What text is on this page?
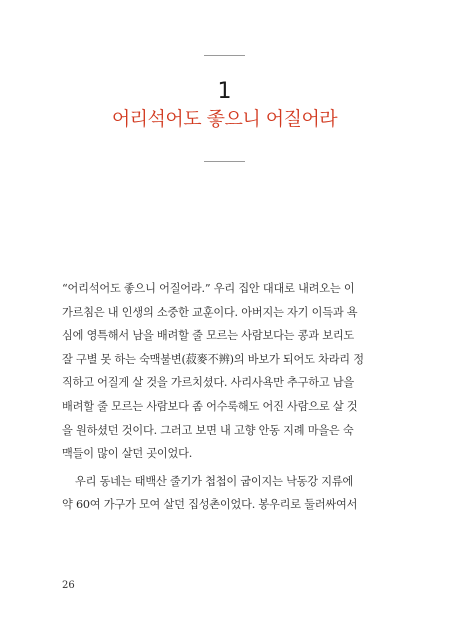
1
어리석어도 좋으니 어질어라
“어리석어도 좋으니 어질어라.” 우리 집안 대대로 내려오는 이
가르침은 내 인생의 소중한 교훈이다. 아버지는 자기 이득과 욕
심에 영특해서 남을 배려할 줄 모르는 사람보다는 콩과 보리도
잘 구별 못 하는 숙맥불변(菽麥不辨)의 바보가 되어도 차라리 정
직하고 어질게 살 것을 가르치셨다. 사리사욕만 추구하고 남을
배려할 줄 모르는 사람보다 좀 어수룩해도 어진 사람으로 살 것
을 원하셨던 것이다. 그러고 보면 내 고향 안동 지례 마을은 숙
맥들이 많이 살던 곳이었다.
우리 동네는 태백산 줄기가 첩첩이 굽이지는 낙동강 지류에
약 60여 가구가 모여 살던 집성촌이었다. 봉우리로 둘러싸여서
26
